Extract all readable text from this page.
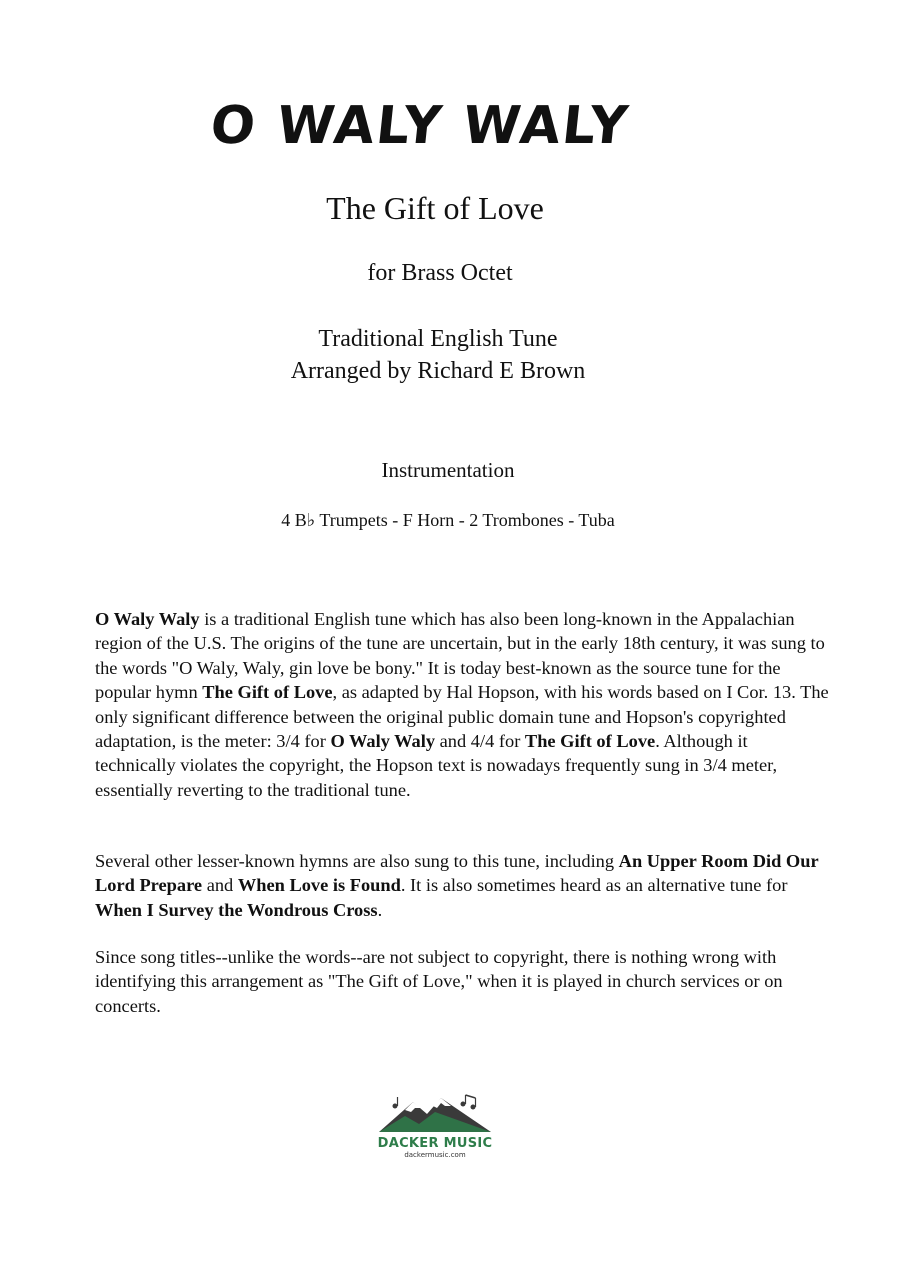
O WALY WALY
The Gift of Love
for Brass Octet
Traditional English Tune
Arranged by Richard E Brown
Instrumentation
4 B♭ Trumpets - F Horn - 2 Trombones - Tuba
O Waly Waly is a traditional English tune which has also been long-known in the Appalachian region of the U.S. The origins of the tune are uncertain, but in the early 18th century, it was sung to the words "O Waly, Waly, gin love be bony." It is today best-known as the source tune for the popular hymn The Gift of Love, as adapted by Hal Hopson, with his words based on I Cor. 13. The only significant difference between the original public domain tune and Hopson's copyrighted adaptation, is the meter: 3/4 for O Waly Waly and 4/4 for The Gift of Love. Although it technically violates the copyright, the Hopson text is nowadays frequently sung in 3/4 meter, essentially reverting to the traditional tune.
Several other lesser-known hymns are also sung to this tune, including An Upper Room Did Our Lord Prepare and When Love is Found. It is also sometimes heard as an alternative tune for When I Survey the Wondrous Cross.
Since song titles--unlike the words--are not subject to copyright, there is nothing wrong with identifying this arrangement as "The Gift of Love," when it is played in church services or on concerts.
DACKER MUSIC
dackermusic.com
